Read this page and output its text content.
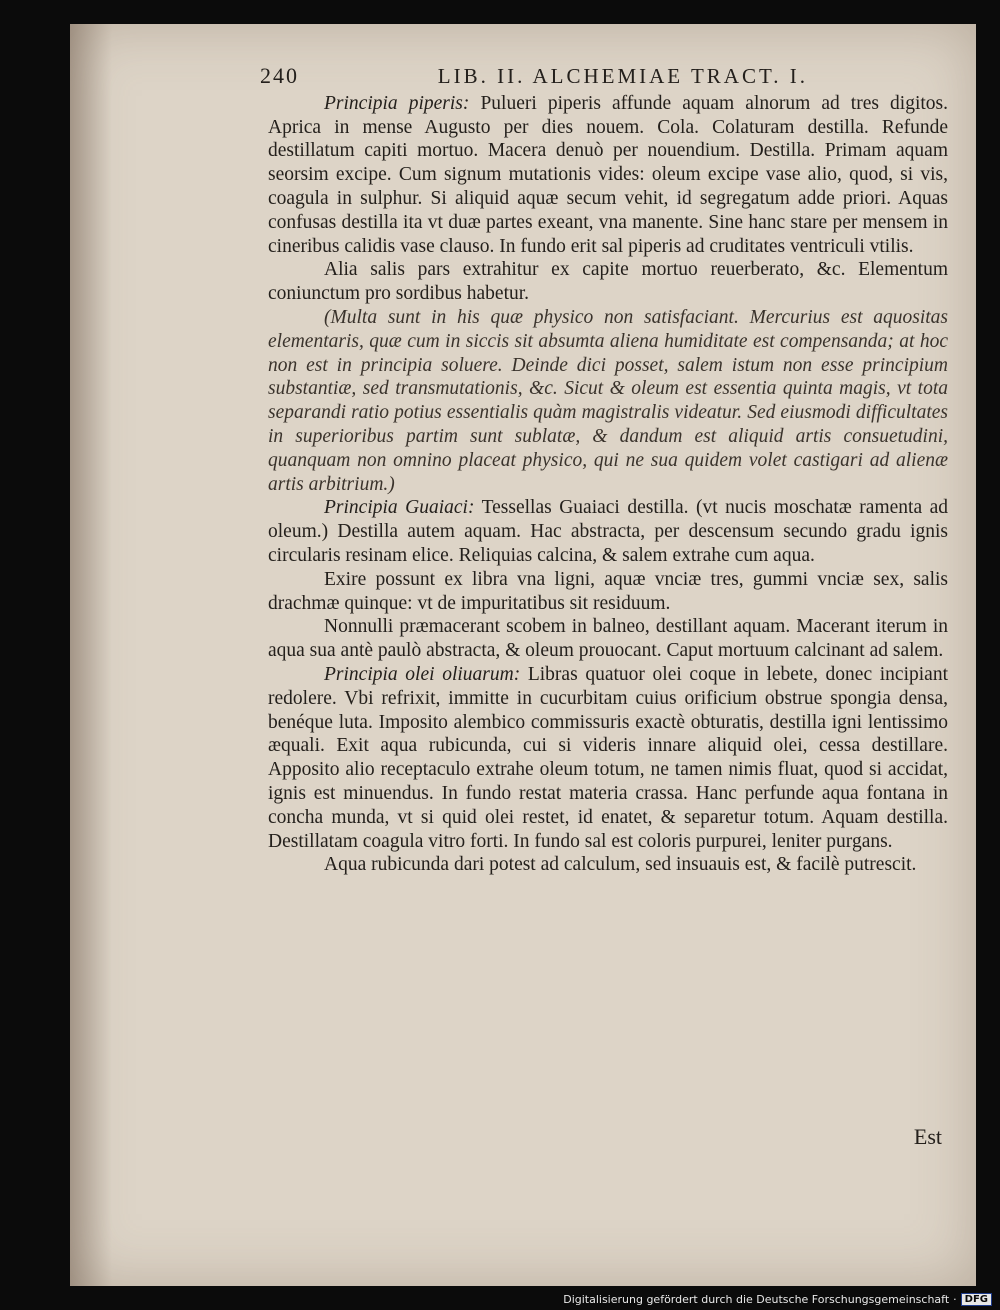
240	LIB. II. ALCHEMIAE TRACT. I.

Principia piperis: Pulueri piperis affunde aquam alnorum ad tres digitos. Aprica in mense Augusto per dies nouem. Cola. Colaturam destilla. Refunde destillatum capiti mortuo. Macera denuò per nouendium. Destilla. Primam aquam seorsim excipe. Cum signum mutationis vides: oleum excipe vase alio, quod, si vis, coagula in sulphur. Si aliquid aquæ secum vehit, id segregatum adde priori. Aquas confusas destilla ita vt duæ partes exeant, vna manente. Sine hanc stare per mensem in cineribus calidis vase clauso. In fundo erit sal piperis ad cruditates ventriculi vtilis.

Alia salis pars extrahitur ex capite mortuo reuerberato, &c. Elementum coniunctum pro sordibus habetur.

(Multa sunt in his quæ physico non satisfaciant. Mercurius est aquositas elementaris, quæ cum in siccis sit absumta aliena humiditate est compensanda; at hoc non est in principia soluere. Deinde dici posset, salem istum non esse principium substantiæ, sed transmutationis, &c. Sicut & oleum est essentia quinta magis, vt tota separandi ratio potius essentialis quàm magistralis videatur. Sed eiusmodi difficultates in superioribus partim sunt sublatæ, & dandum est aliquid artis consuetudini, quanquam non omnino placeat physico, qui ne sua quidem volet castigari ad alienæ artis arbitrium.)

Principia Guaiaci: Tessellas Guaiaci destilla. (vt nucis moschatæ ramenta ad oleum.) Destilla autem aquam. Hac abstracta, per descensum secundo gradu ignis circularis resinam elice. Reliquias calcina, & salem extrahe cum aqua.

Exire possunt ex libra vna ligni, aquæ vnciæ tres, gummi vnciæ sex, salis drachmæ quinque: vt de impuritatibus sit residuum.

Nonnulli præmacerant scobem in balneo, destillant aquam. Macerant iterum in aqua sua antè paulò abstracta, & oleum prouocant. Caput mortuum calcinant ad salem.

Principia olei oliuarum: Libras quatuor olei coque in lebete, donec incipiant redolere. Vbi refrixit, immitte in cucurbitam cuius orificium obstrue spongia densa, benéque luta. Imposito alembico commissuris exactè obturatis, destilla igni lentissimo æquali. Exit aqua rubicunda, cui si videris innare aliquid olei, cessa destillare. Apposito alio receptaculo extrahe oleum totum, ne tamen nimis fluat, quod si accidat, ignis est minuendus. In fundo restat materia crassa. Hanc perfunde aqua fontana in concha munda, vt si quid olei restet, id enatet, & separetur totum. Aquam destilla. Destillatam coagula vitro forti. In fundo sal est coloris purpurei, leniter purgans.

Aqua rubicunda dari potest ad calculum, sed insuauis est, & facilè putrescit.

Est
Digitalisierung gefördert durch die Deutsche Forschungsgemeinschaft · DFG
